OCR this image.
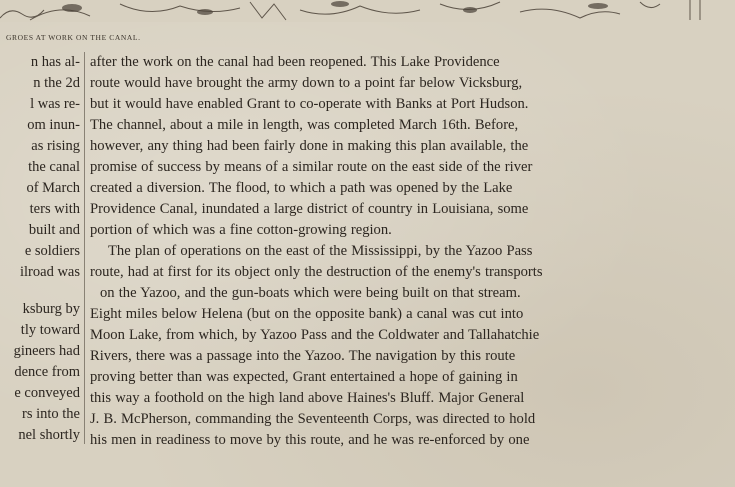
GROES AT WORK ON THE CANAL.
n has al-
n the 2d
l was re-
om inun-
as rising
the canal
of March
ters with
built and
e soldiers
ilroad was
ksburg by
tly toward
gineers had
dence from
e conveyed
rs into the
nel shortly
after the work on the canal had been reopened. This Lake Providence
route would have brought the army down to a point far below Vicksburg,
but it would have enabled Grant to co-operate with Banks at Port Hudson.
The channel, about a mile in length, was completed March 16th. Before,
however, any thing had been fairly done in making this plan available, the
promise of success by means of a similar route on the east side of the river
created a diversion. The flood, to which a path was opened by the Lake
Providence Canal, inundated a large district of country in Louisiana, some
portion of which was a fine cotton-growing region.
The plan of operations on the east of the Mississippi, by the Yazoo Pass
route, had at first for its object only the destruction of the enemy's transports
on the Yazoo, and the gun-boats which were being built on that stream.
Eight miles below Helena (but on the opposite bank) a canal was cut into
Moon Lake, from which, by Yazoo Pass and the Coldwater and Tallahatchie
Rivers, there was a passage into the Yazoo. The navigation by this route
proving better than was expected, Grant entertained a hope of gaining in
this way a foothold on the high land above Haines's Bluff. Major General
J. B. McPherson, commanding the Seventeenth Corps, was directed to hold
his men in readiness to move by this route, and he was re-enforced by one
